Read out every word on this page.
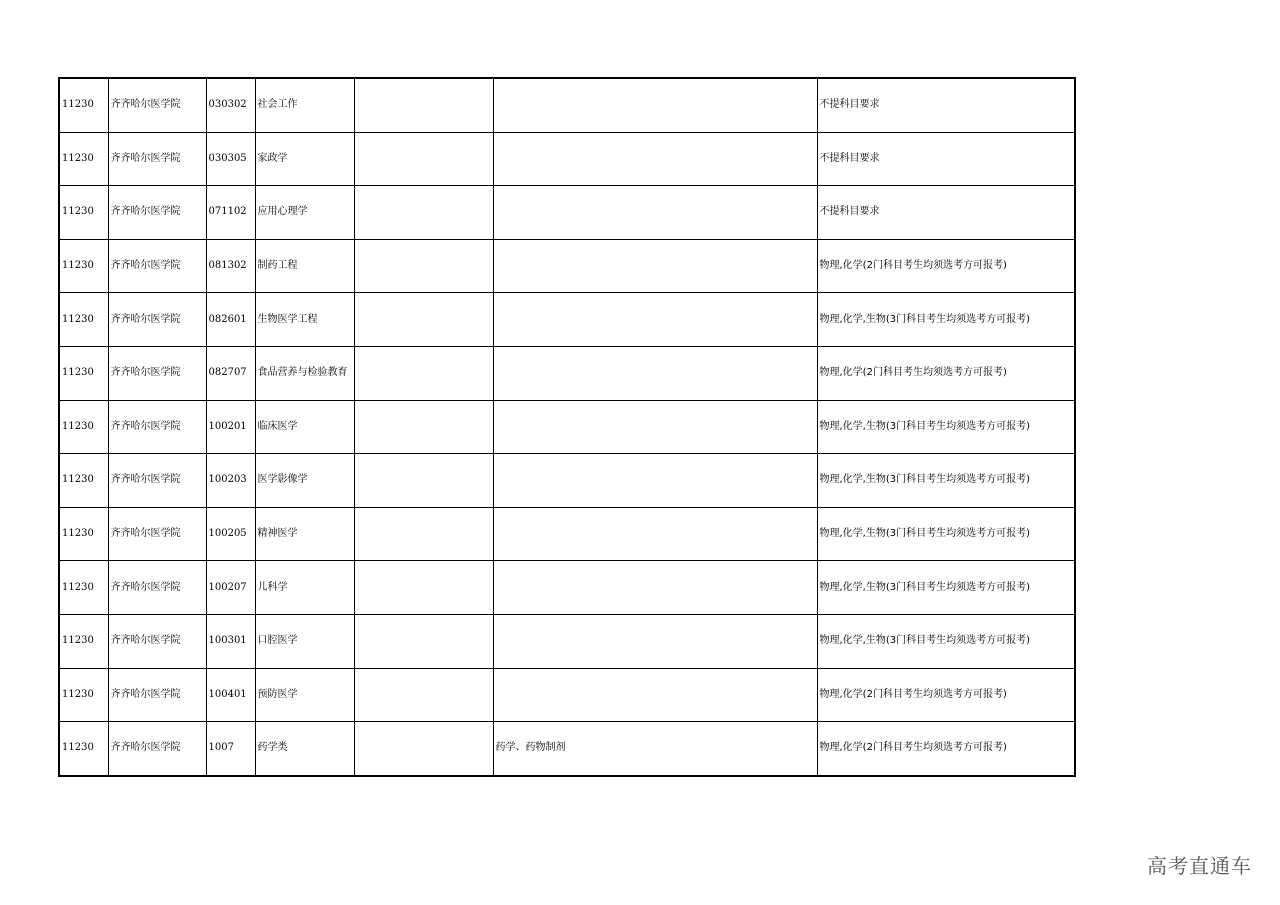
11230	齐齐哈尔医学院	030302	社会工作			不提科目要求
11230	齐齐哈尔医学院	030305	家政学			不提科目要求
11230	齐齐哈尔医学院	071102	应用心理学			不提科目要求
11230	齐齐哈尔医学院	081302	制药工程			物理,化学(2门科目考生均须选考方可报考)
11230	齐齐哈尔医学院	082601	生物医学工程			物理,化学,生物(3门科目考生均须选考方可报考)
11230	齐齐哈尔医学院	082707	食品营养与检验教育			物理,化学(2门科目考生均须选考方可报考)
11230	齐齐哈尔医学院	100201	临床医学			物理,化学,生物(3门科目考生均须选考方可报考)
11230	齐齐哈尔医学院	100203	医学影像学			物理,化学,生物(3门科目考生均须选考方可报考)
11230	齐齐哈尔医学院	100205	精神医学			物理,化学,生物(3门科目考生均须选考方可报考)
11230	齐齐哈尔医学院	100207	儿科学			物理,化学,生物(3门科目考生均须选考方可报考)
11230	齐齐哈尔医学院	100301	口腔医学			物理,化学,生物(3门科目考生均须选考方可报考)
11230	齐齐哈尔医学院	100401	预防医学			物理,化学(2门科目考生均须选考方可报考)
11230	齐齐哈尔医学院	1007	药学类		药学、药物制剂	物理,化学(2门科目考生均须选考方可报考)
高考直通车
